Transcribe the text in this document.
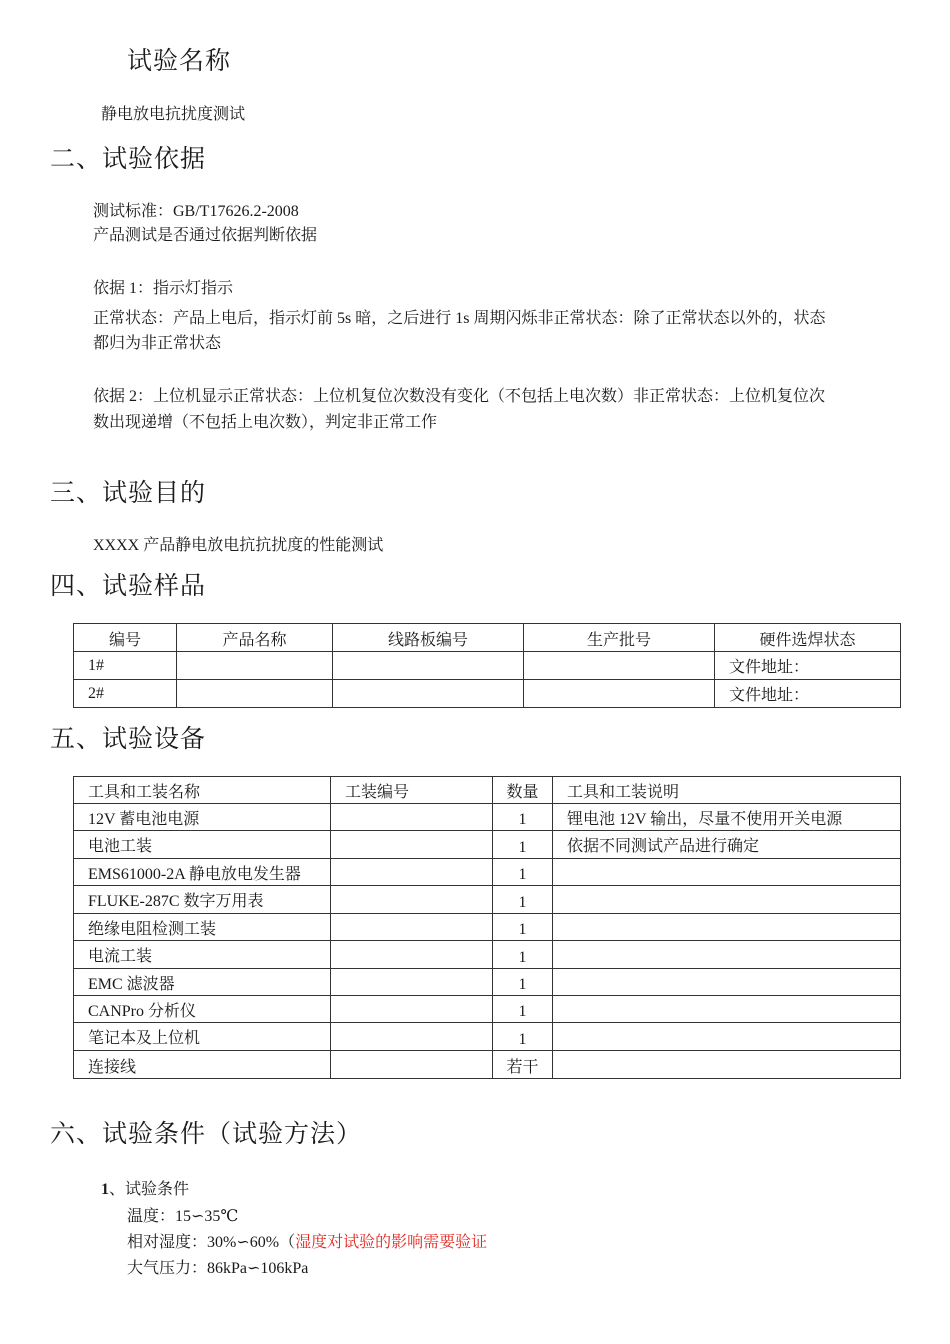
试验名称
静电放电抗扰度测试
二、试验依据
测试标准：GB/T17626.2-2008
产品测试是否通过依据判断依据
依据 1：指示灯指示
正常状态：产品上电后，指示灯前 5s 暗，之后进行 1s 周期闪烁非正常状态：除了正常状态以外的，状态
都归为非正常状态
依据 2：上位机显示正常状态：上位机复位次数没有变化（不包括上电次数）非正常状态：上位机复位次
数出现递增（不包括上电次数），判定非正常工作
三、试验目的
XXXX 产品静电放电抗抗扰度的性能测试
四、试验样品
编号	产品名称	线路板编号	生产批号	硬件选焊状态
1#				文件地址：
2#				文件地址：
五、试验设备
工具和工装名称	工装编号	数量	工具和工装说明
12V 蓄电池电源		1	锂电池 12V 输出，尽量不使用开关电源
电池工装		1	依据不同测试产品进行确定
EMS61000-2A 静电放电发生器		1	
FLUKE-287C 数字万用表		1	
绝缘电阻检测工装		1	
电流工装		1	
EMC 滤波器		1	
CANPro 分析仪		1	
笔记本及上位机		1	
连接线		若干	
六、试验条件（试验方法）
1、试验条件
温度：15∽35℃
相对湿度：30%∽60%（湿度对试验的影响需要验证
大气压力：86kPa∽106kPa
